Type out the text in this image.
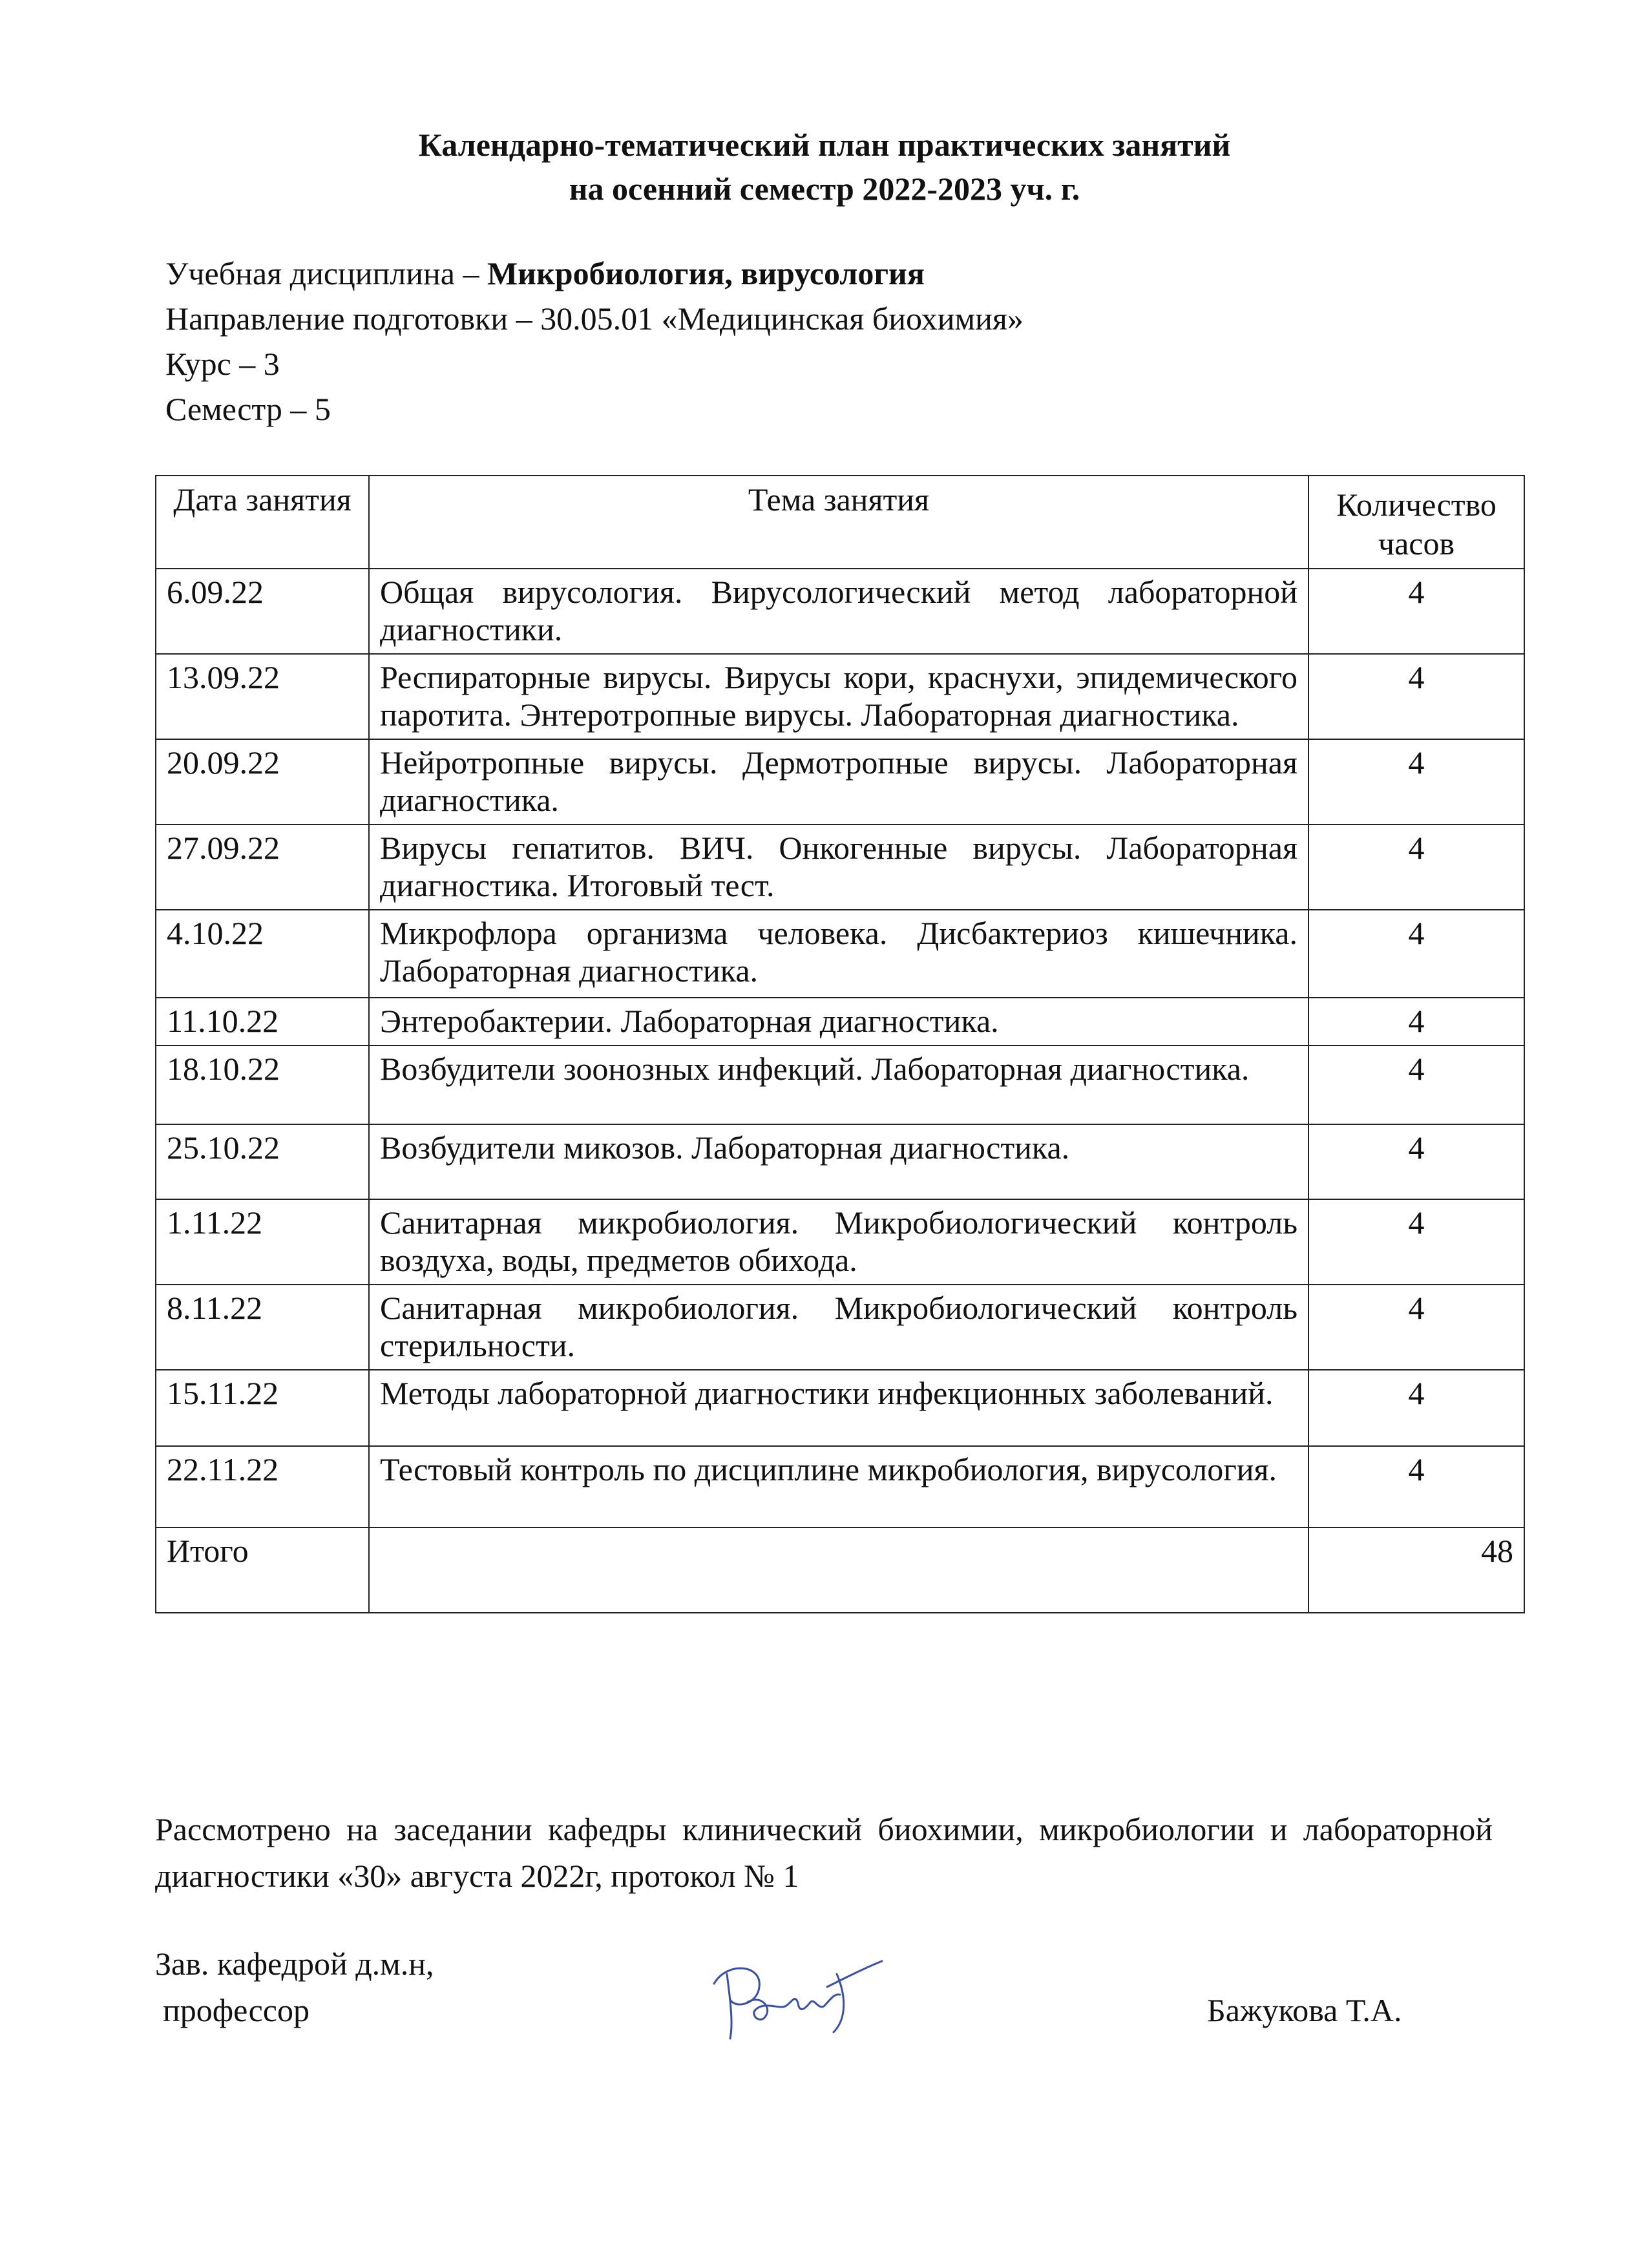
Календарно-тематический план практических занятий
на осенний семестр 2022-2023 уч. г.
Учебная дисциплина – Микробиология, вирусология
Направление подготовки – 30.05.01 «Медицинская биохимия»
Курс – 3
Семестр – 5
Дата занятия	Тема занятия	Количество часов
6.09.22	Общая вирусология. Вирусологический метод лабораторной диагностики.	4
13.09.22	Респираторные вирусы. Вирусы кори, краснухи, эпидемического паротита. Энтеротропные вирусы. Лабораторная диагностика.	4
20.09.22	Нейротропные вирусы. Дермотропные вирусы. Лабораторная диагностика.	4
27.09.22	Вирусы гепатитов. ВИЧ. Онкогенные вирусы. Лабораторная диагностика. Итоговый тест.	4
4.10.22	Микрофлора организма человека. Дисбактериоз кишечника. Лабораторная диагностика.	4
11.10.22	Энтеробактерии. Лабораторная диагностика.	4
18.10.22	Возбудители зоонозных инфекций. Лабораторная диагностика.	4
25.10.22	Возбудители микозов. Лабораторная диагностика.	4
1.11.22	Санитарная микробиология. Микробиологический контроль воздуха, воды, предметов обихода.	4
8.11.22	Санитарная микробиология. Микробиологический контроль стерильности.	4
15.11.22	Методы лабораторной диагностики инфекционных заболеваний.	4
22.11.22	Тестовый контроль по дисциплине микробиология, вирусология.	4
Итого		48
Рассмотрено на заседании кафедры клинический биохимии, микробиологии и лабораторной диагностики «30» августа 2022г, протокол № 1
Зав. кафедрой д.м.н,
профессор	Бажукова Т.А.
